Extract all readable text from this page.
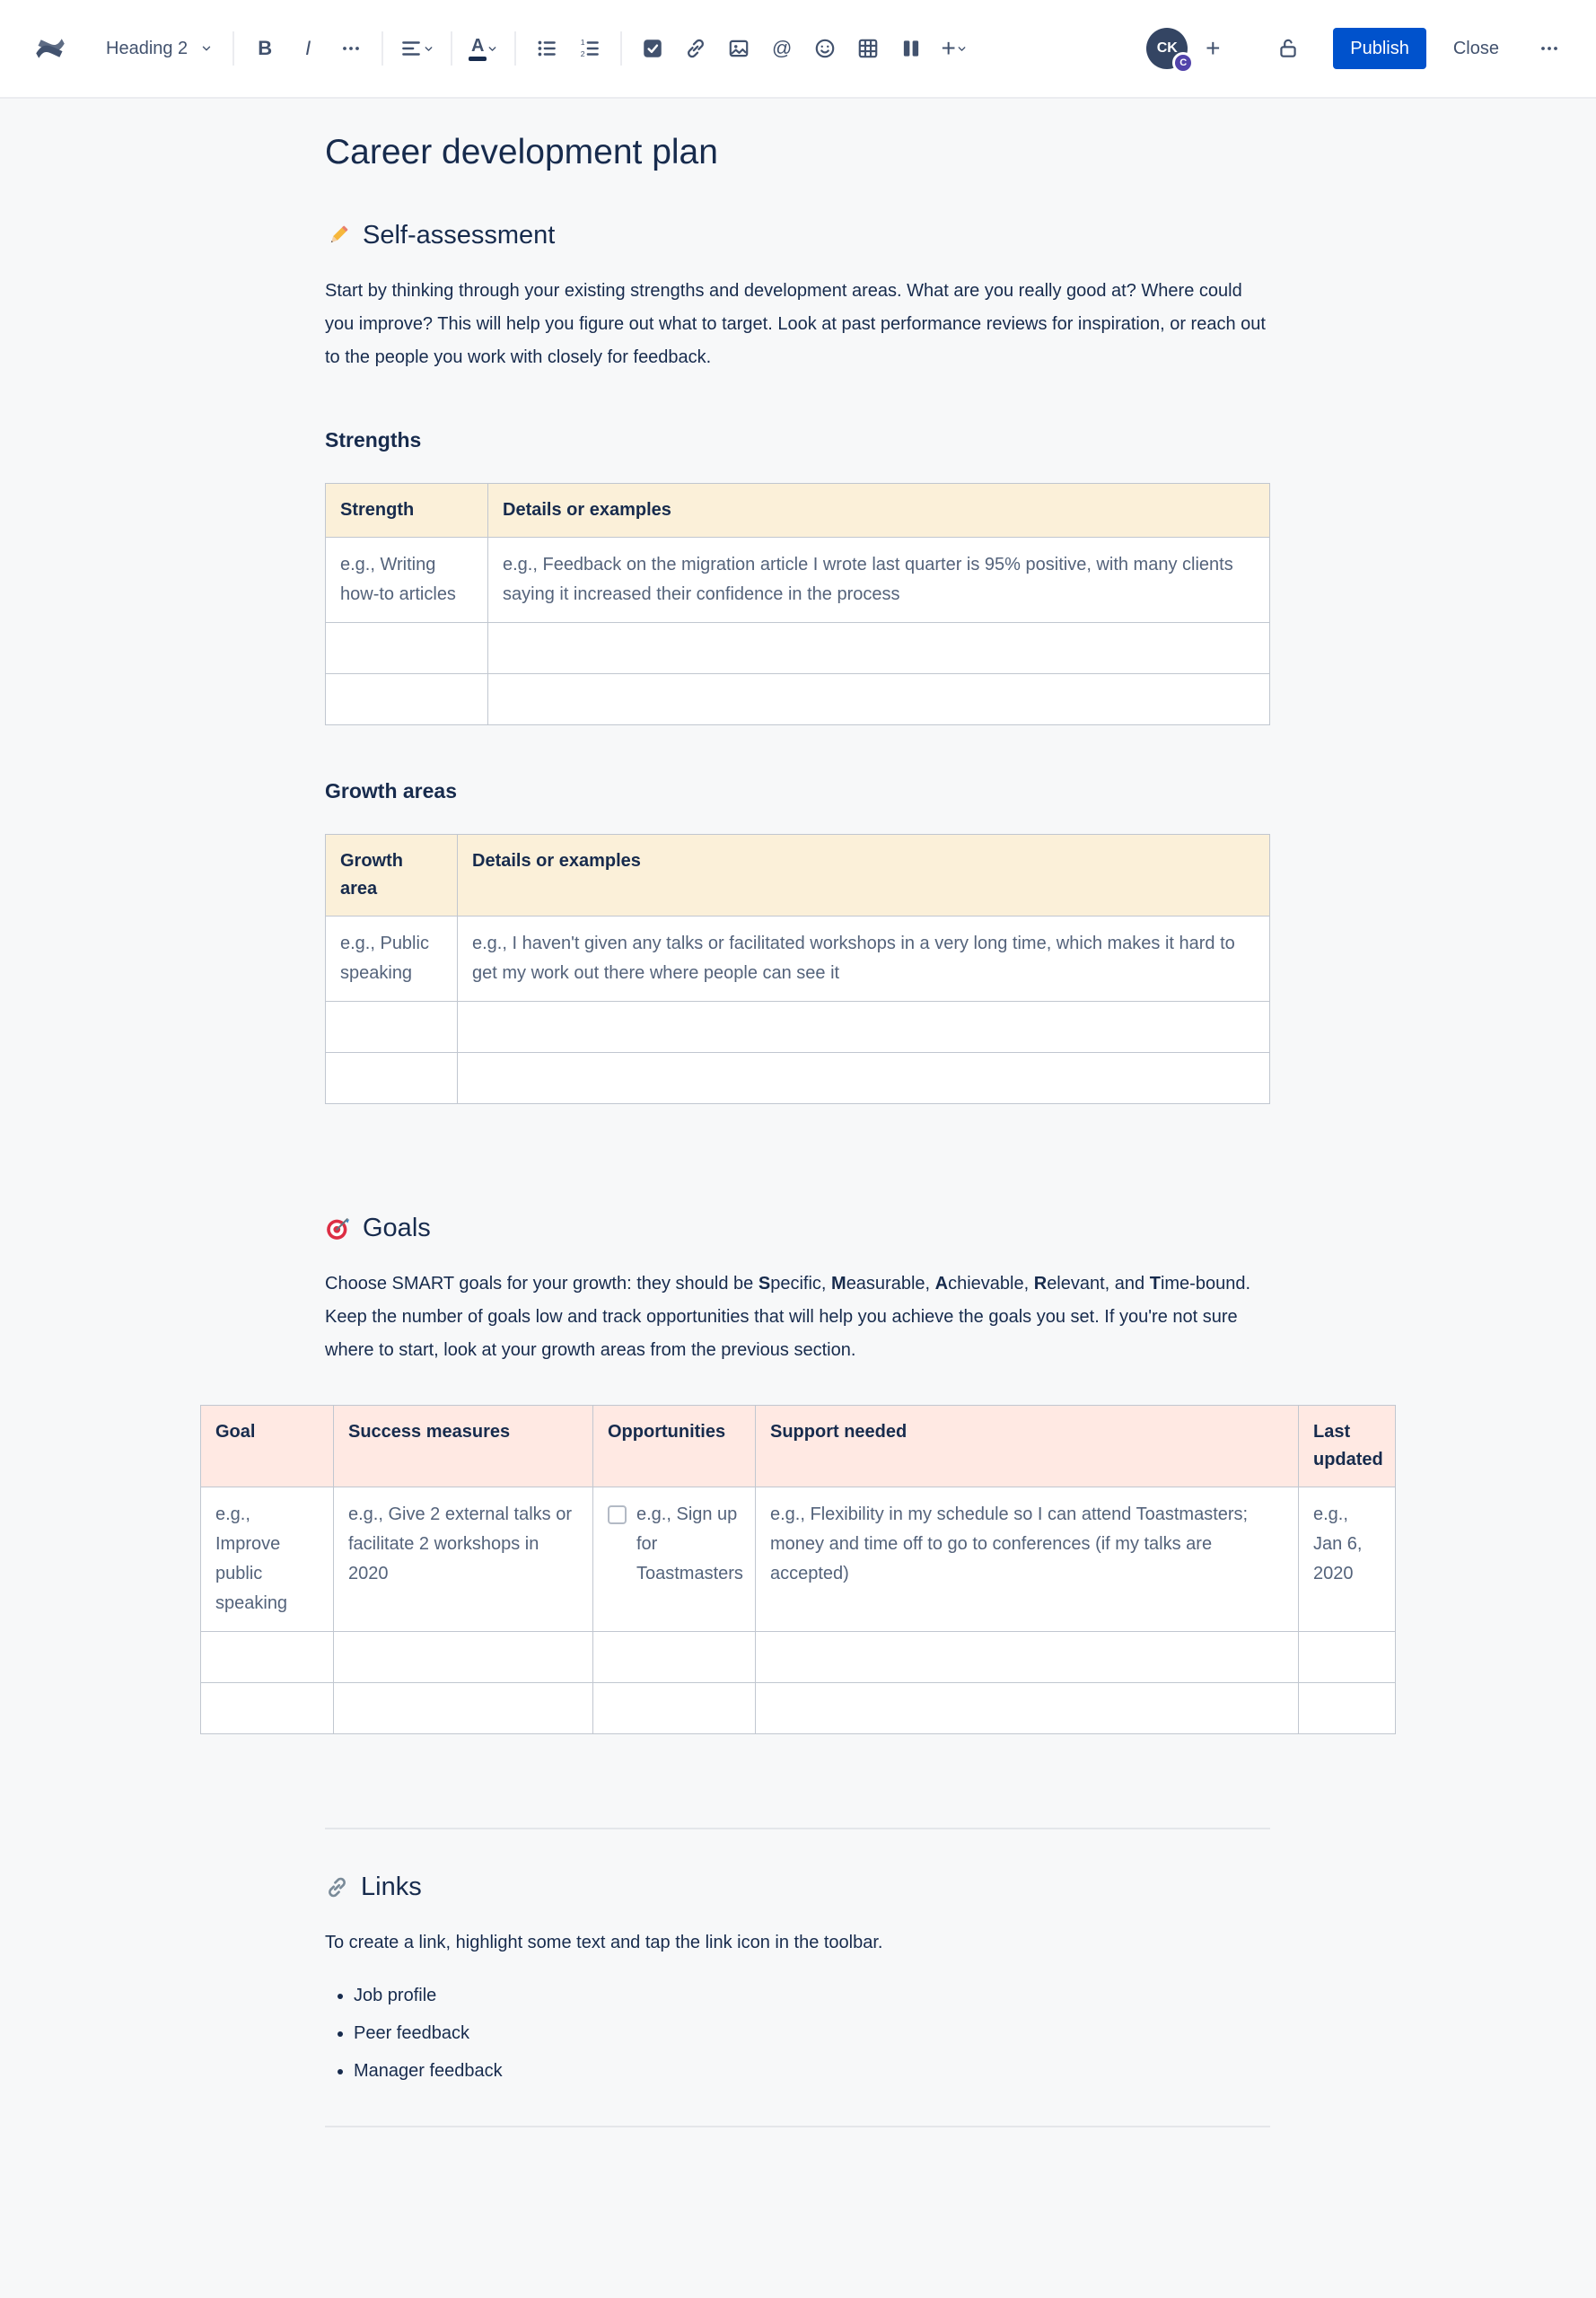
Heading 2	B I	A	1
2	@	+	CK
C
+	Publish	Close
Career development plan
Self-assessment

Start by thinking through your existing strengths and development areas. What are you really good at? Where could you improve? This will help you figure out what to target. Look at past performance reviews for inspiration, or reach out to the people you work with closely for feedback.

Strengths
Strength	Details or examples
e.g., Writing how-to articles	e.g., Feedback on the migration article I wrote last quarter is 95% positive, with many clients saying it increased their confidence in the process

Growth areas
Growth area	Details or examples
e.g., Public speaking	e.g., I haven't given any talks or facilitated workshops in a very long time, which makes it hard to get my work out there where people can see it

Goals

Choose SMART goals for your growth: they should be Specific, Measurable, Achievable, Relevant, and Time-bound. Keep the number of goals low and track opportunities that will help you achieve the goals you set. If you're not sure where to start, look at your growth areas from the previous section.

Goal	Success measures	Opportunities	Support needed	Last updated
e.g., Improve public speaking	e.g., Give 2 external talks or facilitate 2 workshops in 2020	e.g., Sign up for Toastmasters	e.g., Flexibility in my schedule so I can attend Toastmasters; money and time off to go to conferences (if my talks are accepted)	e.g., Jan 6, 2020

Links

To create a link, highlight some text and tap the link icon in the toolbar.

• Job profile
• Peer feedback
• Manager feedback
